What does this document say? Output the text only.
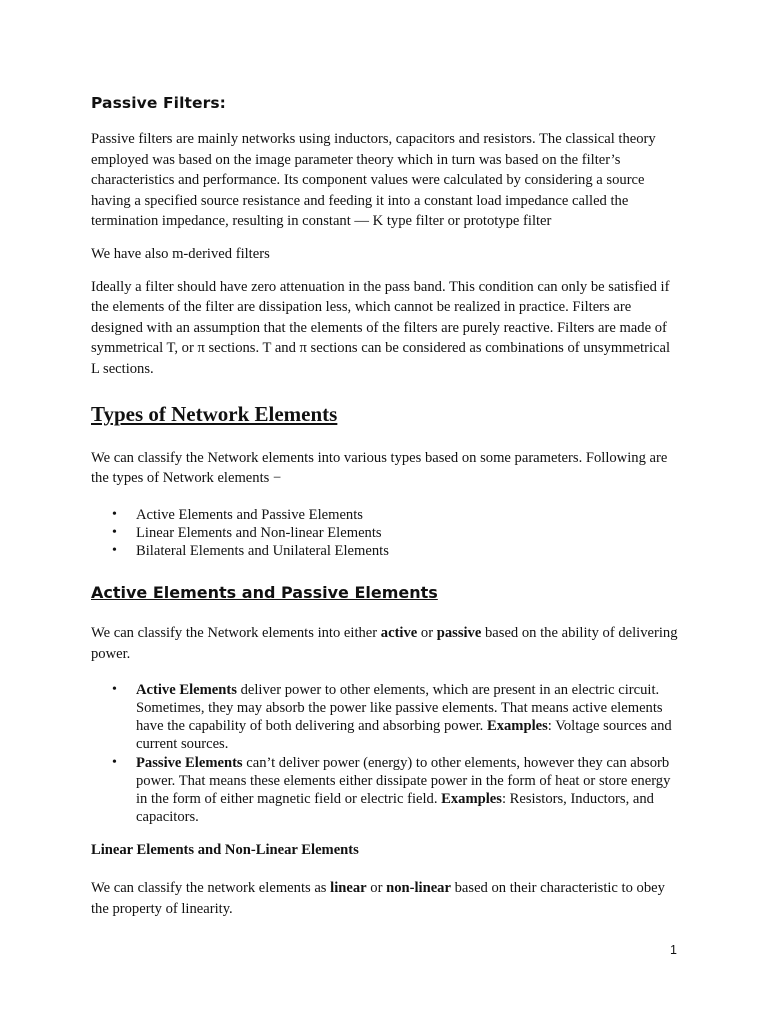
Passive Filters:

Passive filters are mainly networks using inductors, capacitors and resistors. The classical theory employed was based on the image parameter theory which in turn was based on the filter’s characteristics and performance. Its component values were calculated by considering a source having a specified source resistance and feeding it into a constant load impedance called the termination impedance, resulting in constant — K type filter or prototype filter

We have also m-derived filters

Ideally a filter should have zero attenuation in the pass band. This condition can only be satisfied if the elements of the filter are dissipation less, which cannot be realized in practice. Filters are designed with an assumption that the elements of the filters are purely reactive. Filters are made of symmetrical T, or π sections. T and π sections can be considered as combinations of unsymmetrical L sections.

Types of Network Elements

We can classify the Network elements into various types based on some parameters. Following are the types of Network elements −

• Active Elements and Passive Elements
• Linear Elements and Non-linear Elements
• Bilateral Elements and Unilateral Elements
Active Elements and Passive Elements

We can classify the Network elements into either active or passive based on the ability of delivering power.

• Active Elements deliver power to other elements, which are present in an electric circuit. Sometimes, they may absorb the power like passive elements. That means active elements have the capability of both delivering and absorbing power. Examples: Voltage sources and current sources.
• Passive Elements can’t deliver power (energy) to other elements, however they can absorb power. That means these elements either dissipate power in the form of heat or store energy in the form of either magnetic field or electric field. Examples: Resistors, Inductors, and capacitors.
Linear Elements and Non-Linear Elements

We can classify the network elements as linear or non-linear based on their characteristic to obey the property of linearity.

1
